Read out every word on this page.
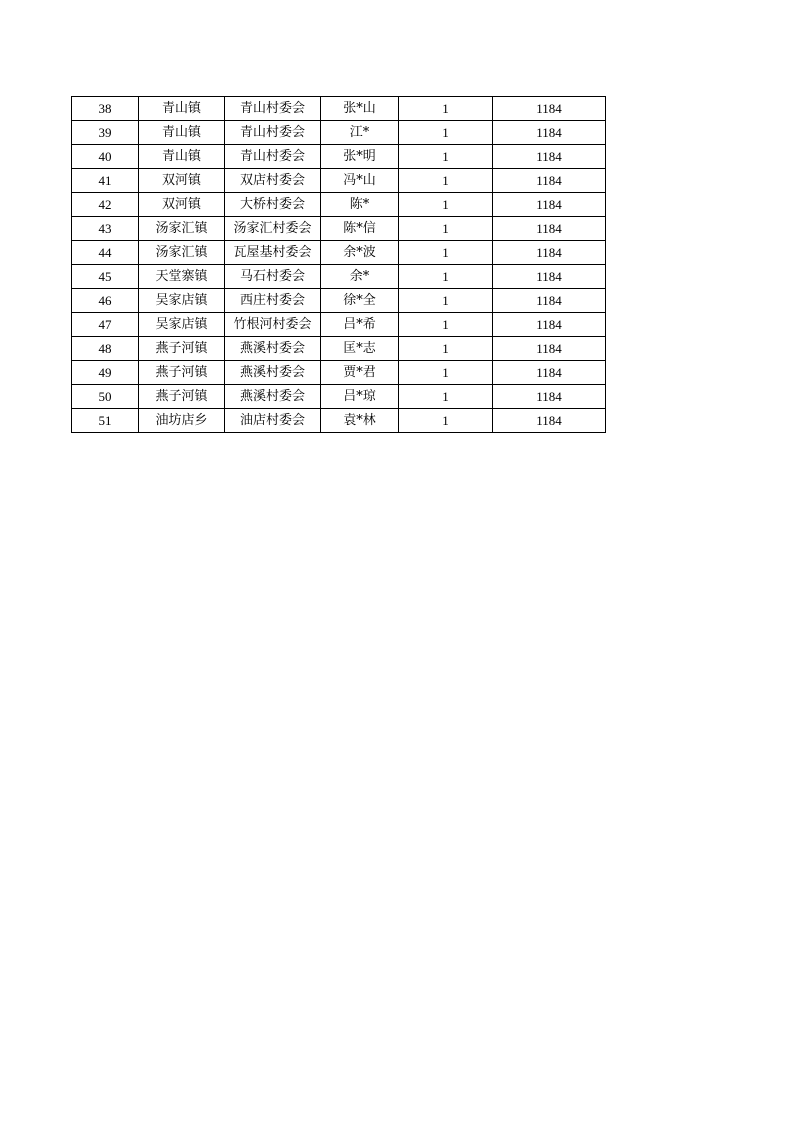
38	青山镇	青山村委会	张*山	1	1184
39	青山镇	青山村委会	江*	1	1184
40	青山镇	青山村委会	张*明	1	1184
41	双河镇	双店村委会	冯*山	1	1184
42	双河镇	大桥村委会	陈*	1	1184
43	汤家汇镇	汤家汇村委会	陈*信	1	1184
44	汤家汇镇	瓦屋基村委会	余*波	1	1184
45	天堂寨镇	马石村委会	余*	1	1184
46	吴家店镇	西庄村委会	徐*全	1	1184
47	吴家店镇	竹根河村委会	吕*希	1	1184
48	燕子河镇	燕溪村委会	匡*志	1	1184
49	燕子河镇	燕溪村委会	贾*君	1	1184
50	燕子河镇	燕溪村委会	吕*琼	1	1184
51	油坊店乡	油店村委会	袁*林	1	1184
